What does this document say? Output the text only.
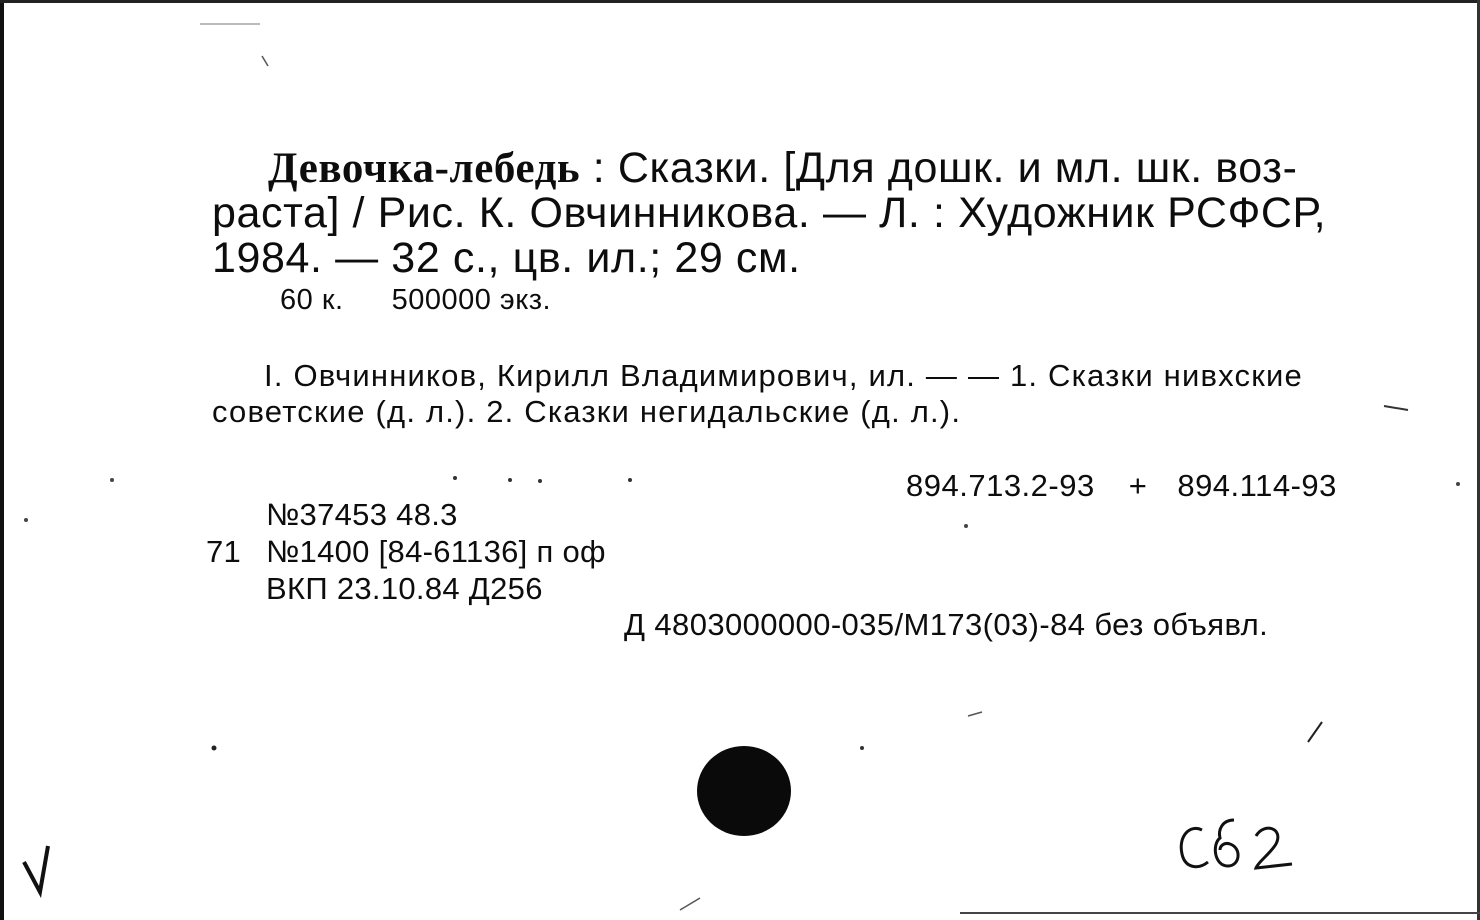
Девочка-лебедь : Сказки. [Для дошк. и мл. шк. воз-
раста] / Рис. К. Овчинникова. — Л. : Художник РСФСР,
1984. — 32 с., цв. ил.; 29 см.
60 к. 500000 экз.
I. Овчинников, Кирилл Владимирович, ил. — — 1. Сказки нивхские
советские (д. л.). 2. Сказки негидальские (д. л.).
894.713.2-93 + 894.114-93
№37453 48.3
71 №1400 [84-61136] п оф
ВКП 23.10.84 Д256
Д 4803000000-035/М173(03)-84 без объявл.
